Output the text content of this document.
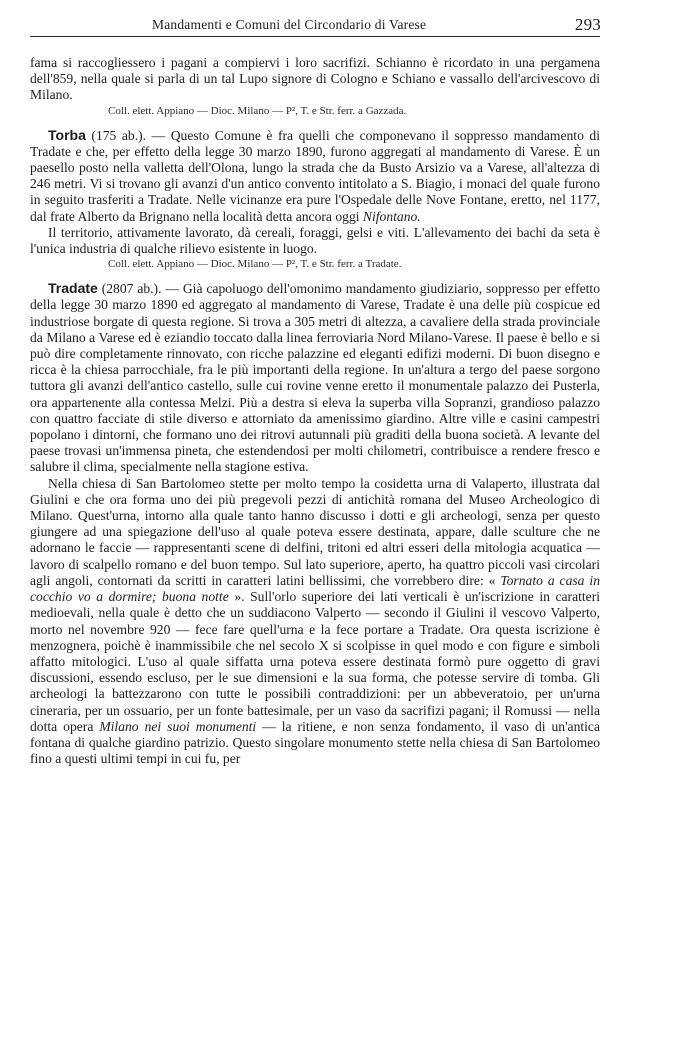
Mandamenti e Comuni del Circondario di Varese	293

fama si raccogliessero i pagani a compiervi i loro sacrifizi. Schianno è ricordato in una pergamena dell'859, nella quale si parla di un tal Lupo signore di Cologno e Schiano e vassallo dell'arcivescovo di Milano.

Coll. elett. Appiano — Dioc. Milano — P², T. e Str. ferr. a Gazzada.

Torba (175 ab.). — Questo Comune è fra quelli che componevano il soppresso mandamento di Tradate e che, per effetto della legge 30 marzo 1890, furono aggregati al mandamento di Varese. È un paesello posto nella valletta dell'Olona, lungo la strada che da Busto Arsizio va a Varese, all'altezza di 246 metri. Vi si trovano gli avanzi d'un antico convento intitolato a S. Biagio, i monaci del quale furono in seguito trasferiti a Tradate. Nelle vicinanze era pure l'Ospedale delle Nove Fontane, eretto, nel 1177, dal frate Alberto da Brignano nella località detta ancora oggi Nifontano.

Il territorio, attivamente lavorato, dà cereali, foraggi, gelsi e viti. L'allevamento dei bachi da seta è l'unica industria di qualche rilievo esistente in luogo.

Coll. elett. Appiano — Dioc. Milano — P², T. e Str. ferr. a Tradate.

Tradate (2807 ab.). — Già capoluogo dell'omonimo mandamento giudiziario, soppresso per effetto della legge 30 marzo 1890 ed aggregato al mandamento di Varese, Tradate è una delle più cospicue ed industriose borgate di questa regione. Si trova a 305 metri di altezza, a cavaliere della strada provinciale da Milano a Varese ed è eziandio toccato dalla linea ferroviaria Nord Milano-Varese. Il paese è bello e si può dire completamente rinnovato, con ricche palazzine ed eleganti edifizi moderni. Di buon disegno e ricca è la chiesa parrocchiale, fra le più importanti della regione. In un'altura a tergo del paese sorgono tuttora gli avanzi dell'antico castello, sulle cui rovine venne eretto il monumentale palazzo dei Pusterla, ora appartenente alla contessa Melzi. Più a destra si eleva la superba villa Sopranzi, grandioso palazzo con quattro facciate di stile diverso e attorniato da amenissimo giardino. Altre ville e casini campestri popolano i dintorni, che formano uno dei ritrovi autunnali più graditi della buona società. A levante del paese trovasi un'immensa pineta, che estendendosi per molti chilometri, contribuisce a rendere fresco e salubre il clima, specialmente nella stagione estiva.

Nella chiesa di San Bartolomeo stette per molto tempo la cosidetta urna di Valaperto, illustrata dal Giulini e che ora forma uno dei più pregevoli pezzi di antichità romana del Museo Archeologico di Milano. Quest'urna, intorno alla quale tanto hanno discusso i dotti e gli archeologi, senza per questo giungere ad una spiegazione dell'uso al quale poteva essere destinata, appare, dalle sculture che ne adornano le faccie — rappresentanti scene di delfini, tritoni ed altri esseri della mitologia acquatica — lavoro di scalpello romano e del buon tempo. Sul lato superiore, aperto, ha quattro piccoli vasi circolari agli angoli, contornati da scritti in caratteri latini bellissimi, che vorrebbero dire: « Tornato a casa in cocchio vo a dormire; buona notte ». Sull'orlo superiore dei lati verticali è un'iscrizione in caratteri medioevali, nella quale è detto che un suddiacono Valperto — secondo il Giulini il vescovo Valperto, morto nel novembre 920 — fece fare quell'urna e la fece portare a Tradate. Ora questa iscrizione è menzognera, poichè è inammissibile che nel secolo X si scolpisse in quel modo e con figure e simboli affatto mitologici. L'uso al quale siffatta urna poteva essere destinata formò pure oggetto di gravi discussioni, essendo escluso, per le sue dimensioni e la sua forma, che potesse servire di tomba. Gli archeologi la battezzarono con tutte le possibili contraddizioni: per un abbeveratoio, per un'urna cineraria, per un ossuario, per un fonte battesimale, per un vaso da sacrifizi pagani; il Romussi — nella dotta opera Milano nei suoi monumenti — la ritiene, e non senza fondamento, il vaso di un'antica fontana di qualche giardino patrizio. Questo singolare monumento stette nella chiesa di San Bartolomeo fino a questi ultimi tempi in cui fu, per
